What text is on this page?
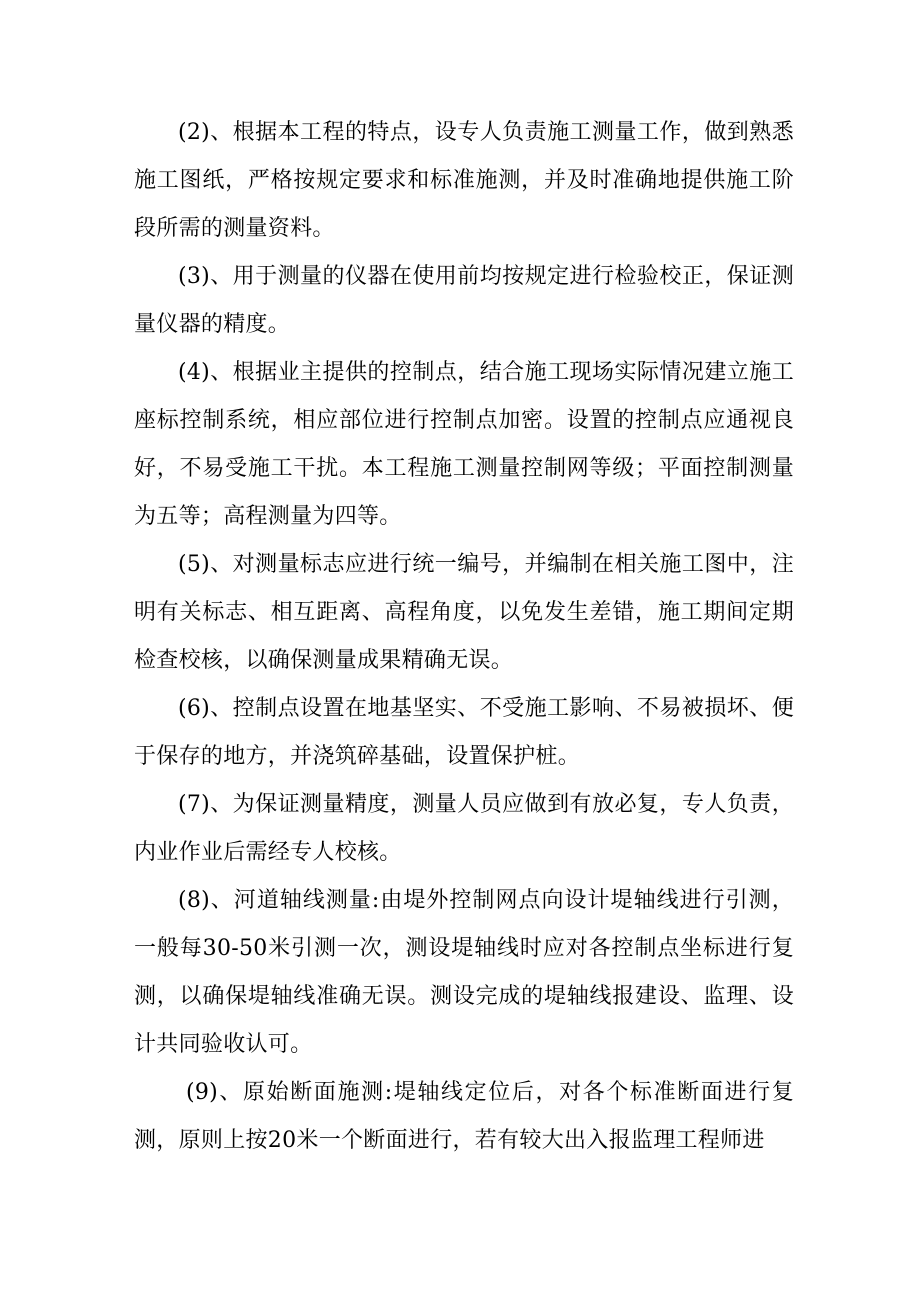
(2)、根据本工程的特点，设专人负责施工测量工作，做到熟悉施工图纸，严格按规定要求和标准施测，并及时准确地提供施工阶段所需的测量资料。

(3)、用于测量的仪器在使用前均按规定进行检验校正，保证测量仪器的精度。

(4)、根据业主提供的控制点，结合施工现场实际情况建立施工座标控制系统，相应部位进行控制点加密。设置的控制点应通视良好，不易受施工干扰。本工程施工测量控制网等级；平面控制测量为五等；高程测量为四等。

(5)、对测量标志应进行统一编号，并编制在相关施工图中，注明有关标志、相互距离、高程角度，以免发生差错，施工期间定期检查校核，以确保测量成果精确无误。

(6)、控制点设置在地基坚实、不受施工影响、不易被损坏、便于保存的地方，并浇筑碎基础，设置保护桩。

(7)、为保证测量精度，测量人员应做到有放必复，专人负责，内业作业后需经专人校核。

(8)、河道轴线测量:由堤外控制网点向设计堤轴线进行引测，一般每30-50米引测一次，测设堤轴线时应对各控制点坐标进行复测，以确保堤轴线准确无误。测设完成的堤轴线报建设、监理、设计共同验收认可。

(9)、原始断面施测:堤轴线定位后，对各个标准断面进行复测，原则上按20米一个断面进行，若有较大出入报监理工程师进
